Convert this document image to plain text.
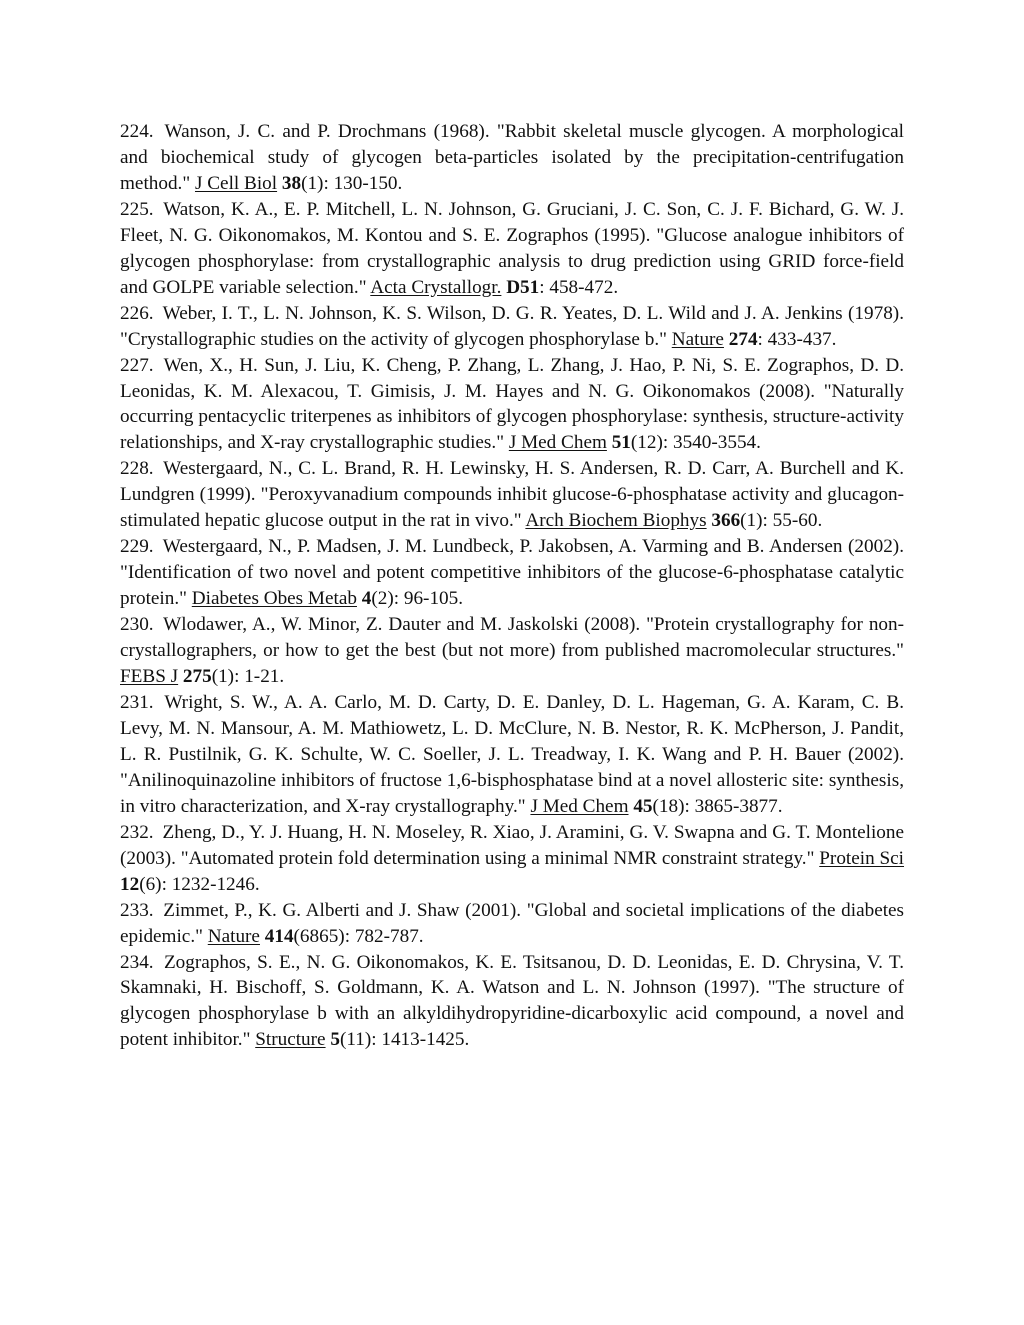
224. Wanson, J. C. and P. Drochmans (1968). "Rabbit skeletal muscle glycogen. A morphological and biochemical study of glycogen beta-particles isolated by the precipitation-centrifugation method." J Cell Biol 38(1): 130-150.

225. Watson, K. A., E. P. Mitchell, L. N. Johnson, G. Gruciani, J. C. Son, C. J. F. Bichard, G. W. J. Fleet, N. G. Oikonomakos, M. Kontou and S. E. Zographos (1995). "Glucose analogue inhibitors of glycogen phosphorylase: from crystallographic analysis to drug prediction using GRID force-field and GOLPE variable selection." Acta Crystallogr. D51: 458-472.

226. Weber, I. T., L. N. Johnson, K. S. Wilson, D. G. R. Yeates, D. L. Wild and J. A. Jenkins (1978). "Crystallographic studies on the activity of glycogen phosphorylase b." Nature 274: 433-437.

227. Wen, X., H. Sun, J. Liu, K. Cheng, P. Zhang, L. Zhang, J. Hao, P. Ni, S. E. Zographos, D. D. Leonidas, K. M. Alexacou, T. Gimisis, J. M. Hayes and N. G. Oikonomakos (2008). "Naturally occurring pentacyclic triterpenes as inhibitors of glycogen phosphorylase: synthesis, structure-activity relationships, and X-ray crystallographic studies." J Med Chem 51(12): 3540-3554.

228. Westergaard, N., C. L. Brand, R. H. Lewinsky, H. S. Andersen, R. D. Carr, A. Burchell and K. Lundgren (1999). "Peroxyvanadium compounds inhibit glucose-6-phosphatase activity and glucagon-stimulated hepatic glucose output in the rat in vivo." Arch Biochem Biophys 366(1): 55-60.

229. Westergaard, N., P. Madsen, J. M. Lundbeck, P. Jakobsen, A. Varming and B. Andersen (2002). "Identification of two novel and potent competitive inhibitors of the glucose-6-phosphatase catalytic protein." Diabetes Obes Metab 4(2): 96-105.

230. Wlodawer, A., W. Minor, Z. Dauter and M. Jaskolski (2008). "Protein crystallography for non-crystallographers, or how to get the best (but not more) from published macromolecular structures." FEBS J 275(1): 1-21.

231. Wright, S. W., A. A. Carlo, M. D. Carty, D. E. Danley, D. L. Hageman, G. A. Karam, C. B. Levy, M. N. Mansour, A. M. Mathiowetz, L. D. McClure, N. B. Nestor, R. K. McPherson, J. Pandit, L. R. Pustilnik, G. K. Schulte, W. C. Soeller, J. L. Treadway, I. K. Wang and P. H. Bauer (2002). "Anilinoquinazoline inhibitors of fructose 1,6-bisphosphatase bind at a novel allosteric site: synthesis, in vitro characterization, and X-ray crystallography." J Med Chem 45(18): 3865-3877.

232. Zheng, D., Y. J. Huang, H. N. Moseley, R. Xiao, J. Aramini, G. V. Swapna and G. T. Montelione (2003). "Automated protein fold determination using a minimal NMR constraint strategy." Protein Sci 12(6): 1232-1246.

233. Zimmet, P., K. G. Alberti and J. Shaw (2001). "Global and societal implications of the diabetes epidemic." Nature 414(6865): 782-787.

234. Zographos, S. E., N. G. Oikonomakos, K. E. Tsitsanou, D. D. Leonidas, E. D. Chrysina, V. T. Skamnaki, H. Bischoff, S. Goldmann, K. A. Watson and L. N. Johnson (1997). "The structure of glycogen phosphorylase b with an alkyldihydropyridine-dicarboxylic acid compound, a novel and potent inhibitor." Structure 5(11): 1413-1425.
